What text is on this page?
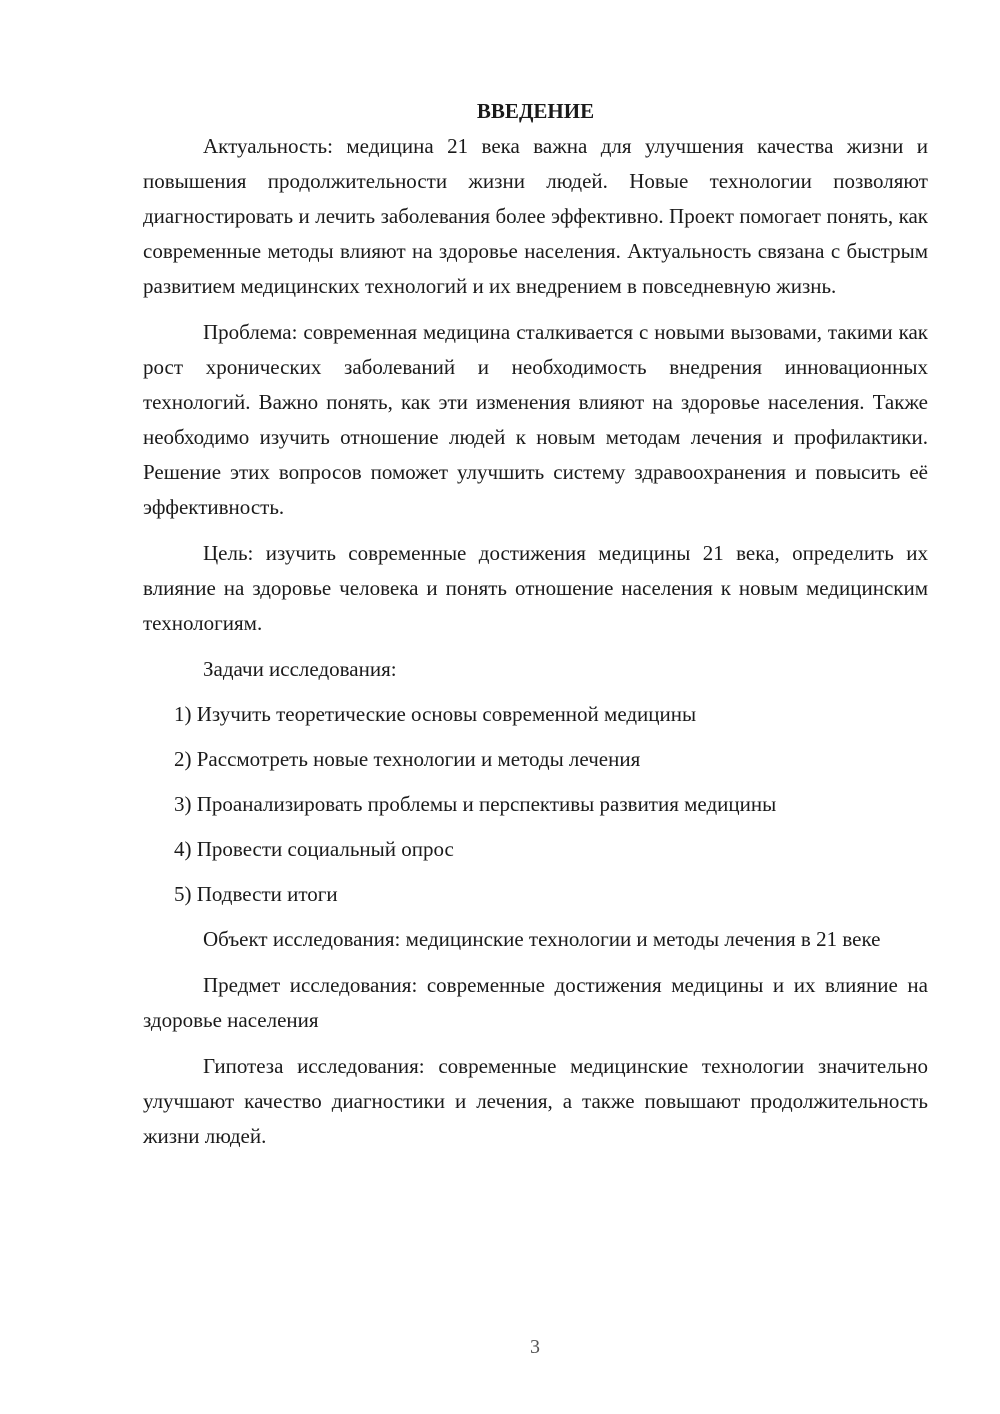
ВВЕДЕНИЕ

Актуальность: медицина 21 века важна для улучшения качества жизни и повышения продолжительности жизни людей. Новые технологии позволяют диагностировать и лечить заболевания более эффективно. Проект помогает понять, как современные методы влияют на здоровье населения. Актуальность связана с быстрым развитием медицинских технологий и их внедрением в повседневную жизнь.

Проблема: современная медицина сталкивается с новыми вызовами, такими как рост хронических заболеваний и необходимость внедрения инновационных технологий. Важно понять, как эти изменения влияют на здоровье населения. Также необходимо изучить отношение людей к новым методам лечения и профилактики. Решение этих вопросов поможет улучшить систему здравоохранения и повысить её эффективность.

Цель: изучить современные достижения медицины 21 века, определить их влияние на здоровье человека и понять отношение населения к новым медицинским технологиям.

Задачи исследования:

1) Изучить теоретические основы современной медицины
2) Рассмотреть новые технологии и методы лечения
3) Проанализировать проблемы и перспективы развития медицины
4) Провести социальный опрос
5) Подвести итоги

Объект исследования: медицинские технологии и методы лечения в 21 веке

Предмет исследования: современные достижения медицины и их влияние на здоровье населения

Гипотеза исследования: современные медицинские технологии значительно улучшают качество диагностики и лечения, а также повышают продолжительность жизни людей.

3
